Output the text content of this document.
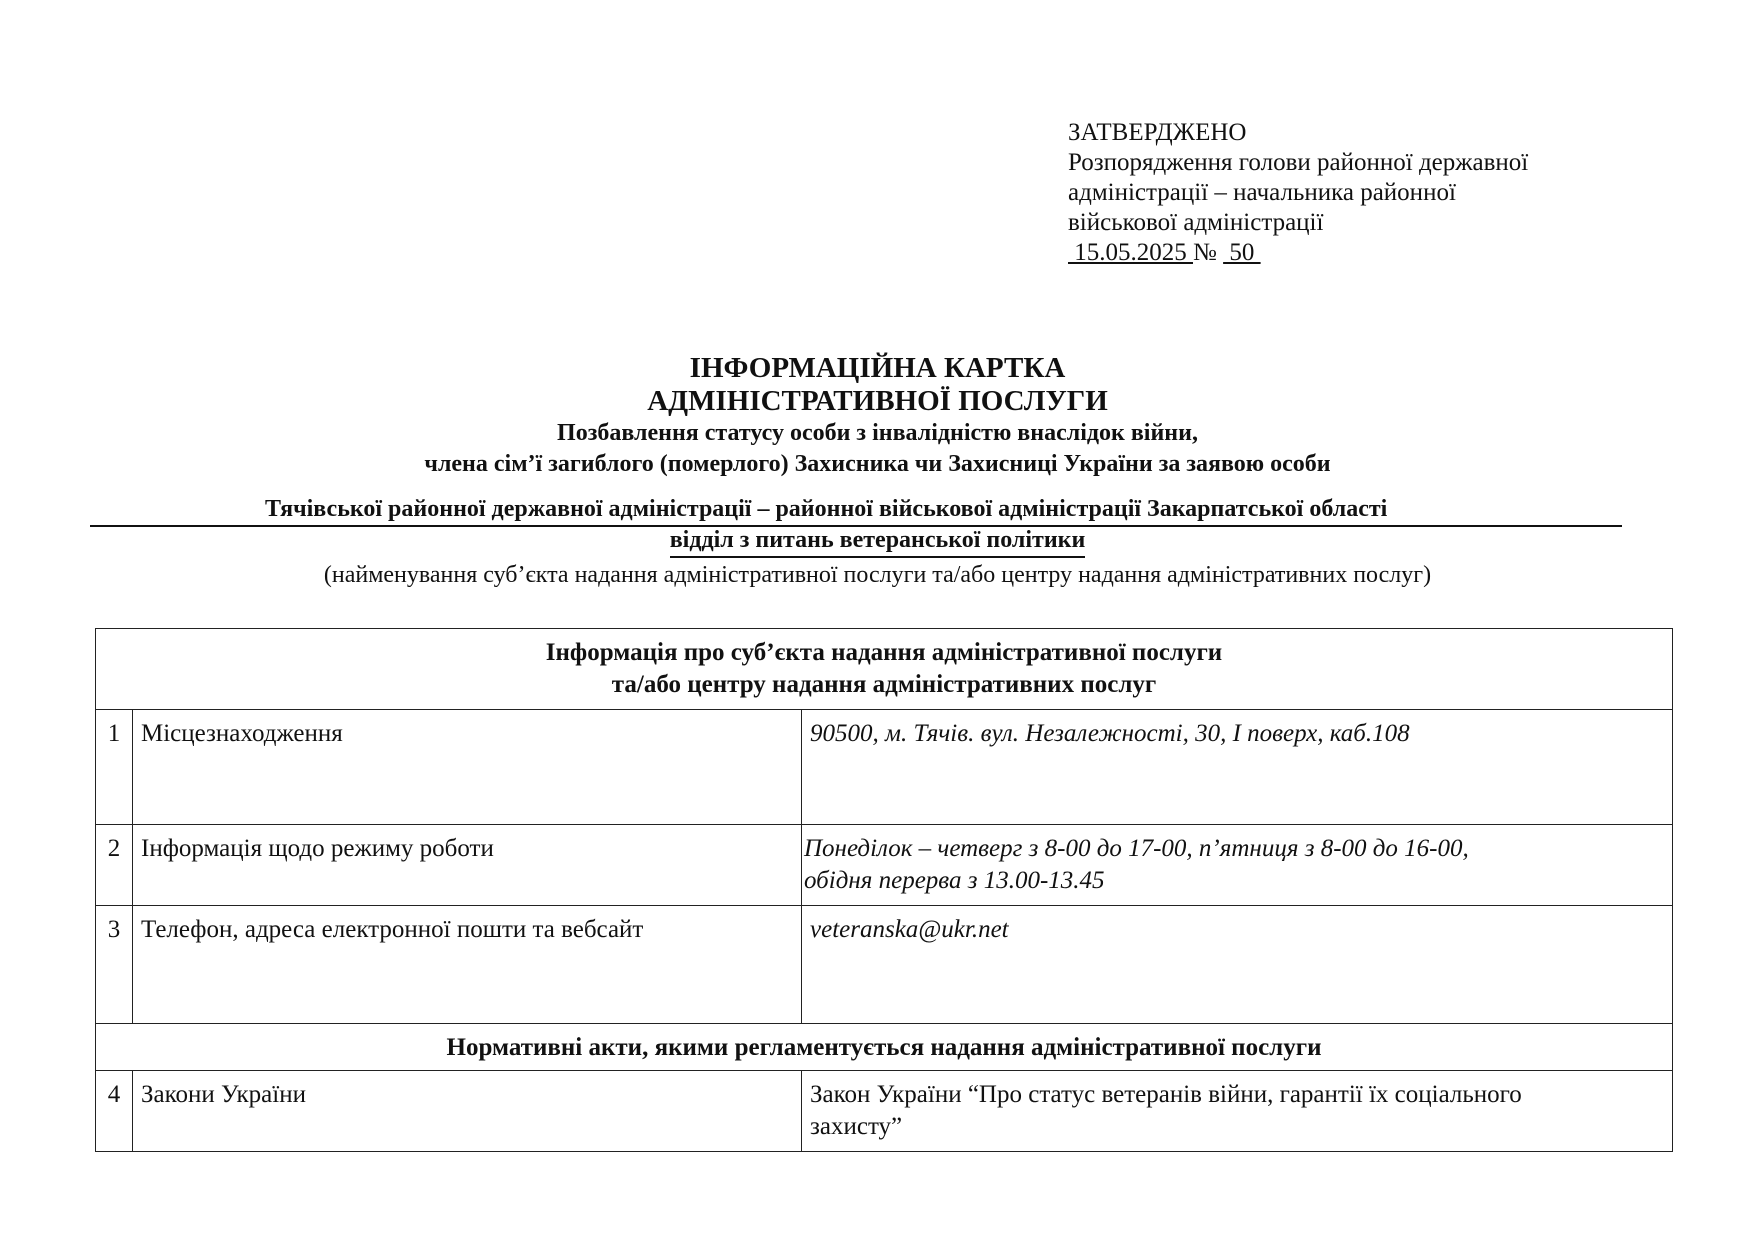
ЗАТВЕРДЖЕНО
Розпорядження голови районної державної
адміністрації – начальника районної
військової адміністрації
15.05.2025 №  50
ІНФОРМАЦІЙНА КАРТКА
АДМІНІСТРАТИВНОЇ ПОСЛУГИ
Позбавлення статусу особи з інвалідністю внаслідок війни,
члена сім’ї загиблого (померлого) Захисника чи Захисниці України за заявою особи
Тячівської районної державної адміністрації – районної військової адміністрації Закарпатської області
відділ з питань ветеранської політики
(найменування суб’єкта надання адміністративної послуги та/або центру надання адміністративних послуг)
Інформація про суб’єкта надання адміністративної послуги
та/або центру надання адміністративних послуг		

1	Місцезнаходження	90500, м. Тячів. вул. Незалежності, 30, І поверх, каб.108
2	Інформація щодо режиму роботи	Понеділок – четверг з 8-00 до 17-00, п’ятниця з 8-00 до 16-00,
обідня перерва з 13.00-13.45

3	Телефон, адреса електронної пошти та вебсайт	veteranska@ukr.net
Нормативні акти, якими регламентується надання адміністративної послуги		
4	Закони України	Закон України “Про статус ветеранів війни, гарантії їх соціального
захисту”
